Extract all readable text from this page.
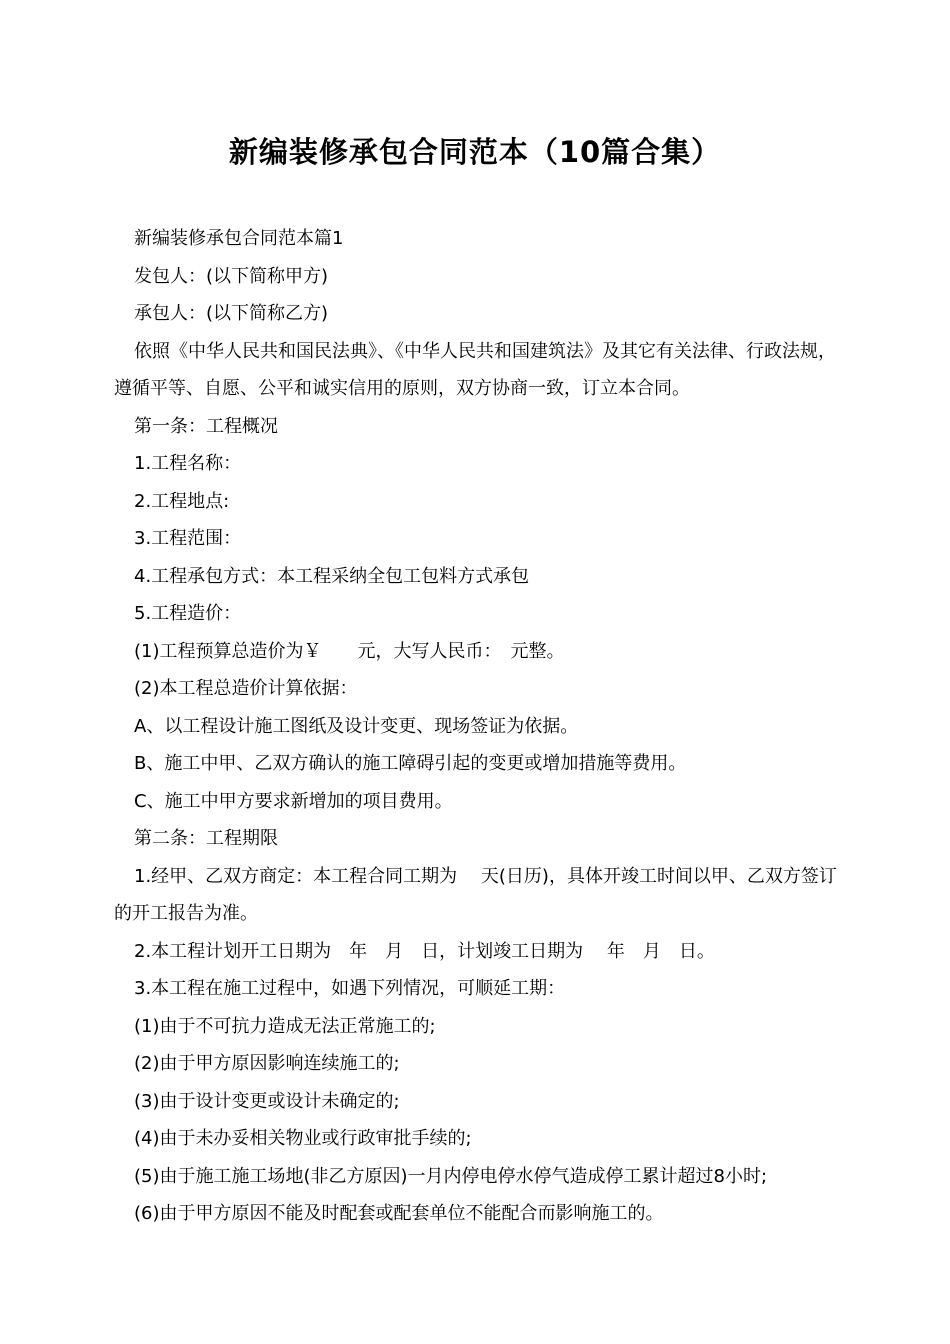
新编装修承包合同范本（10篇合集）

新编装修承包合同范本篇1

发包人：(以下简称甲方)

承包人：(以下简称乙方)

依照《中华人民共和国民法典》、《中华人民共和国建筑法》及其它有关法律、行政法规，遵循平等、自愿、公平和诚实信用的原则，双方协商一致，订立本合同。

第一条：工程概况

1.工程名称：

2.工程地点:

3.工程范围：

4.工程承包方式：本工程采纳全包工包料方式承包

5.工程造价：

(1)工程预算总造价为￥　　元，大写人民币：　元整。

(2)本工程总造价计算依据：

A、以工程设计施工图纸及设计变更、现场签证为依据。

B、施工中甲、乙双方确认的施工障碍引起的变更或增加措施等费用。

C、施工中甲方要求新增加的项目费用。

第二条：工程期限

1.经甲、乙双方商定：本工程合同工期为　 天(日历)，具体开竣工时间以甲、乙双方签订的开工报告为准。

2.本工程计划开工日期为　年　月　日，计划竣工日期为　 年　月　日。

3.本工程在施工过程中，如遇下列情况，可顺延工期：

(1)由于不可抗力造成无法正常施工的;

(2)由于甲方原因影响连续施工的;

(3)由于设计变更或设计未确定的;

(4)由于未办妥相关物业或行政审批手续的;

(5)由于施工施工场地(非乙方原因)一月内停电停水停气造成停工累计超过8小时;

(6)由于甲方原因不能及时配套或配套单位不能配合而影响施工的。
